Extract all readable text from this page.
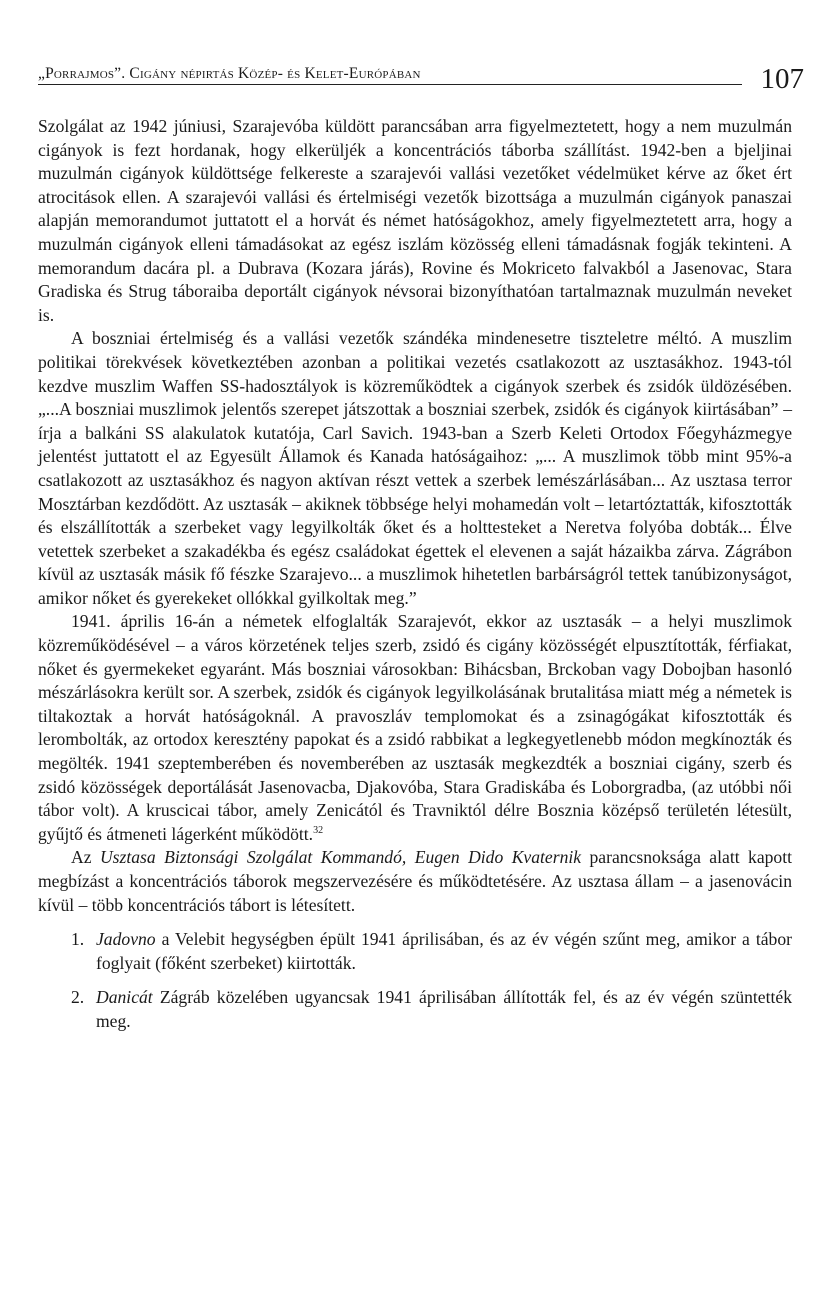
„Porrajmos”. Cigány népirtás Közép- és Kelet-Európában	107

Szolgálat az 1942 júniusi, Szarajevóba küldött parancsában arra figyelmeztetett, hogy a nem muzulmán cigányok is fezt hordanak, hogy elkerüljék a koncentrációs táborba szállítást. 1942-ben a bjeljinai muzulmán cigányok küldöttsége felkereste a szarajevói vallási vezetőket védelmüket kérve az őket ért atrocitások ellen. A szarajevói vallási és értelmiségi vezetők bizottsága a muzulmán cigányok panaszai alapján memorandumot juttatott el a horvát és német hatóságokhoz, amely figyelmeztetett arra, hogy a muzulmán cigányok elleni támadásokat az egész iszlám közösség elleni támadásnak fogják tekinteni. A memorandum dacára pl. a Dubrava (Kozara járás), Rovine és Mokriceto falvakból a Jasenovac, Stara Gradiska és Strug táboraiba deportált cigányok névsorai bizonyíthatóan tartalmaznak muzulmán neveket is.

A boszniai értelmiség és a vallási vezetők szándéka mindenesetre tiszteletre méltó. A muszlim politikai törekvések következtében azonban a politikai vezetés csatlakozott az usztasákhoz. 1943-tól kezdve muszlim Waffen SS-hadosztályok is közreműködtek a cigányok szerbek és zsidók üldözésében. „...A boszniai muszlimok jelentős szerepet játszottak a boszniai szerbek, zsidók és cigányok kiirtásában” – írja a balkáni SS alakulatok kutatója, Carl Savich. 1943-ban a Szerb Keleti Ortodox Főegyházmegye jelentést juttatott el az Egyesült Államok és Kanada hatóságaihoz: „... A muszlimok több mint 95%-a csatlakozott az usztasákhoz és nagyon aktívan részt vettek a szerbek lemészárlásában... Az usztasa terror Mosztárban kezdődött. Az usztasák – akiknek többsége helyi mohamedán volt – letartóztatták, kifosztották és elszállították a szerbeket vagy legyilkolták őket és a holttesteket a Neretva folyóba dobták... Élve vetettek szerbeket a szakadékba és egész családokat égettek el elevenen a saját házaikba zárva. Zágrábon kívül az usztasák másik fő fészke Szarajevo... a muszlimok hihetetlen barbárságról tettek tanúbizonyságot, amikor nőket és gyerekeket ollókkal gyilkoltak meg.”

1941. április 16-án a németek elfoglalták Szarajevót, ekkor az usztasák – a helyi muszlimok közreműködésével – a város körzetének teljes szerb, zsidó és cigány közösségét elpusztították, férfiakat, nőket és gyermekeket egyaránt. Más boszniai városokban: Bihácsban, Brckoban vagy Dobojban hasonló mészárlásokra került sor. A szerbek, zsidók és cigányok legyilkolásának brutalitása miatt még a németek is tiltakoztak a horvát hatóságoknál. A pravoszláv templomokat és a zsinagógákat kifosztották és lerombolták, az ortodox keresztény papokat és a zsidó rabbikat a legkegyetlenebb módon megkínozták és megölték. 1941 szeptemberében és novemberében az usztasák megkezdték a boszniai cigány, szerb és zsidó közösségek deportálását Jasenovacba, Djakovóba, Stara Gradiskába és Loborgradba, (az utóbbi női tábor volt). A kruscicai tábor, amely Zenicától és Travniktól délre Bosznia középső területén létesült, gyűjtő és átmeneti lágerként működött.$^{32}$

Az Usztasa Biztonsági Szolgálat Kommandó, Eugen Dido Kvaternik parancsnoksága alatt kapott megbízást a koncentrációs táborok megszervezésére és működtetésére. Az usztasa állam – a jasenovácin kívül – több koncentrációs tábort is létesített.

1. Jadovno a Velebit hegységben épült 1941 áprilisában, és az év végén szűnt meg, amikor a tábor foglyait (főként szerbeket) kiirtották.
2. Danicát Zágráb közelében ugyancsak 1941 áprilisában állították fel, és az év végén szüntették meg.
